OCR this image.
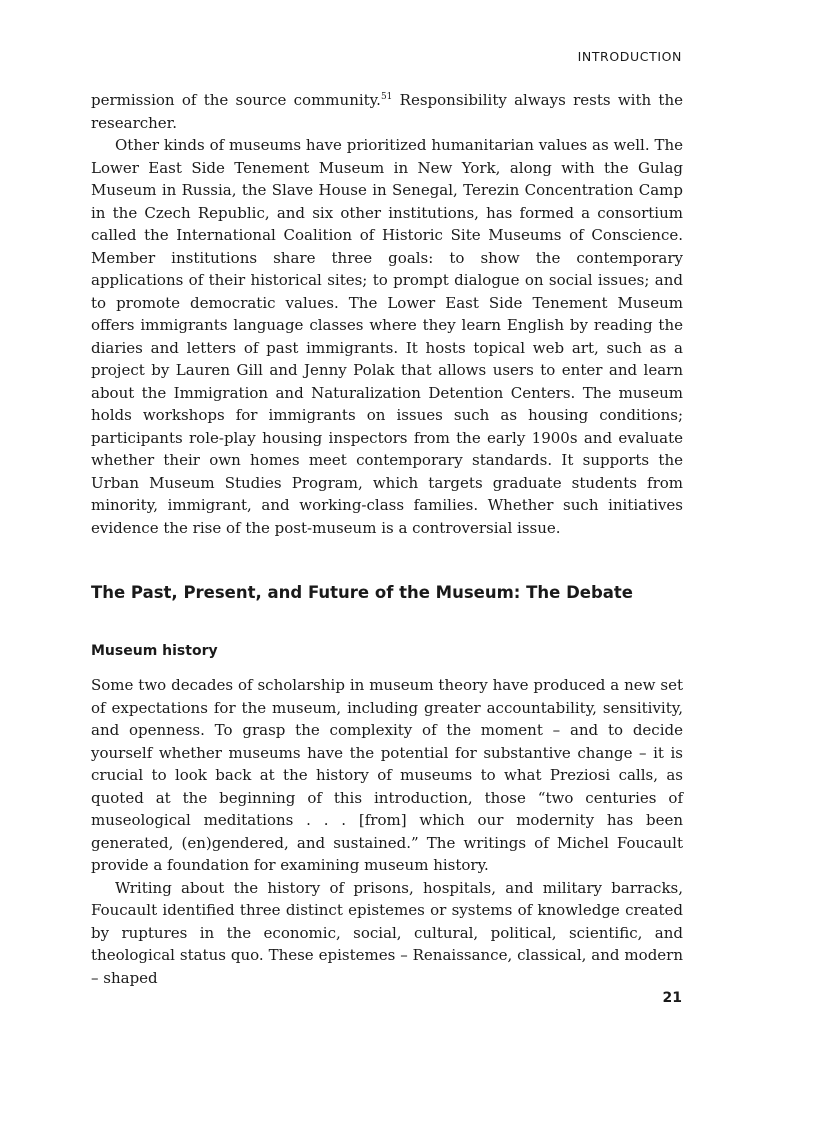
INTRODUCTION

permission of the source community.$^{51}$ Responsibility always rests with the researcher.

Other kinds of museums have prioritized humanitarian values as well. The Lower East Side Tenement Museum in New York, along with the Gulag Museum in Russia, the Slave House in Senegal, Terezin Concentration Camp in the Czech Republic, and six other institutions, has formed a consortium called the International Coalition of Historic Site Museums of Conscience. Member institutions share three goals: to show the contemporary applications of their historical sites; to prompt dialogue on social issues; and to promote democratic values. The Lower East Side Tenement Museum offers immigrants language classes where they learn English by reading the diaries and letters of past immigrants. It hosts topical web art, such as a project by Lauren Gill and Jenny Polak that allows users to enter and learn about the Immigration and Naturalization Detention Centers. The museum holds workshops for immigrants on issues such as housing conditions; participants role-play housing inspectors from the early 1900s and evaluate whether their own homes meet contemporary standards. It supports the Urban Museum Studies Program, which targets graduate students from minority, immigrant, and working-class families. Whether such initiatives evidence the rise of the post-museum is a controversial issue.

The Past, Present, and Future of the Museum: The Debate
Museum history

Some two decades of scholarship in museum theory have produced a new set of expectations for the museum, including greater accountability, sensitivity, and openness. To grasp the complexity of the moment – and to decide yourself whether museums have the potential for substantive change – it is crucial to look back at the history of museums to what Preziosi calls, as quoted at the beginning of this introduction, those “two centuries of museological meditations . . . [from] which our modernity has been generated, (en)gendered, and sustained.” The writings of Michel Foucault provide a foundation for examining museum history.

Writing about the history of prisons, hospitals, and military barracks, Foucault identified three distinct epistemes or systems of knowledge created by ruptures in the economic, social, cultural, political, scientific, and theological status quo. These epistemes – Renaissance, classical, and modern – shaped

21
